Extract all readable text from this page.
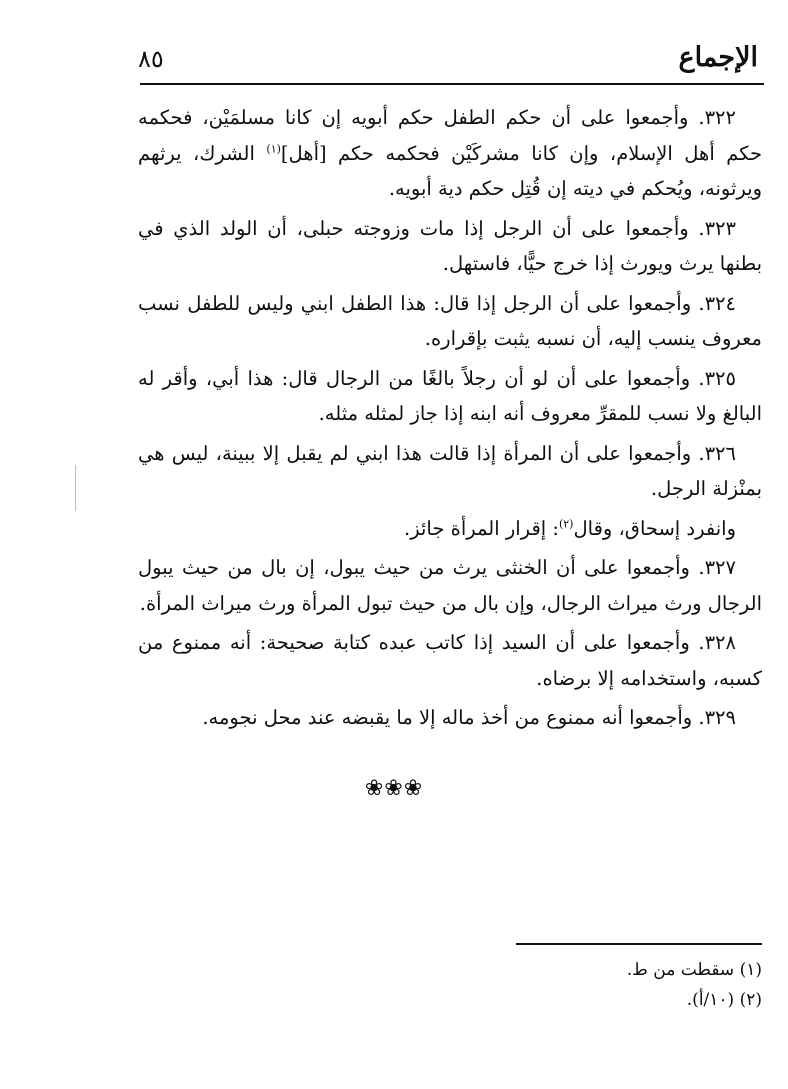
الإجماع
٨٥

٣٢٢. وأجمعوا على أن حكم الطفل حكم أبويه إن كانا مسلمَيْن، فحكمه حكم أهل الإسلام، وإن كانا مشركَيْن فحكمه حكم [أهل]$^{(١)}$ الشرك، يرثهم ويرثونه، ويُحكم في ديته إن قُتِل حكم دية أبويه.

٣٢٣. وأجمعوا على أن الرجل إذا مات وزوجته حبلى، أن الولد الذي في بطنها يرث ويورث إذا خرج حيًّا، فاستهل.

٣٢٤. وأجمعوا على أن الرجل إذا قال: هذا الطفل ابني وليس للطفل نسب معروف ينسب إليه، أن نسبه يثبت بإقراره.

٣٢٥. وأجمعوا على أن لو أن رجلاً بالغًا من الرجال قال: هذا أبي، وأقر له البالغ ولا نسب للمقرِّ معروف أنه ابنه إذا جاز لمثله مثله.

٣٢٦. وأجمعوا على أن المرأة إذا قالت هذا ابني لم يقبل إلا ببينة، ليس هي بمنْزلة الرجل.

وانفرد إسحاق، وقال$^{(٢)}$: إقرار المرأة جائز.

٣٢٧. وأجمعوا على أن الخنثى يرث من حيث يبول، إن بال من حيث يبول الرجال ورث ميراث الرجال، وإن بال من حيث تبول المرأة ورث ميراث المرأة.

٣٢٨. وأجمعوا على أن السيد إذا كاتب عبده كتابة صحيحة: أنه ممنوع من كسبه، واستخدامه إلا برضاه.

٣٢٩. وأجمعوا أنه ممنوع من أخذ ماله إلا ما يقبضه عند محل نجومه.

❀❀❀

(١) سقطت من ط.

(٢) (١٠/أ).
